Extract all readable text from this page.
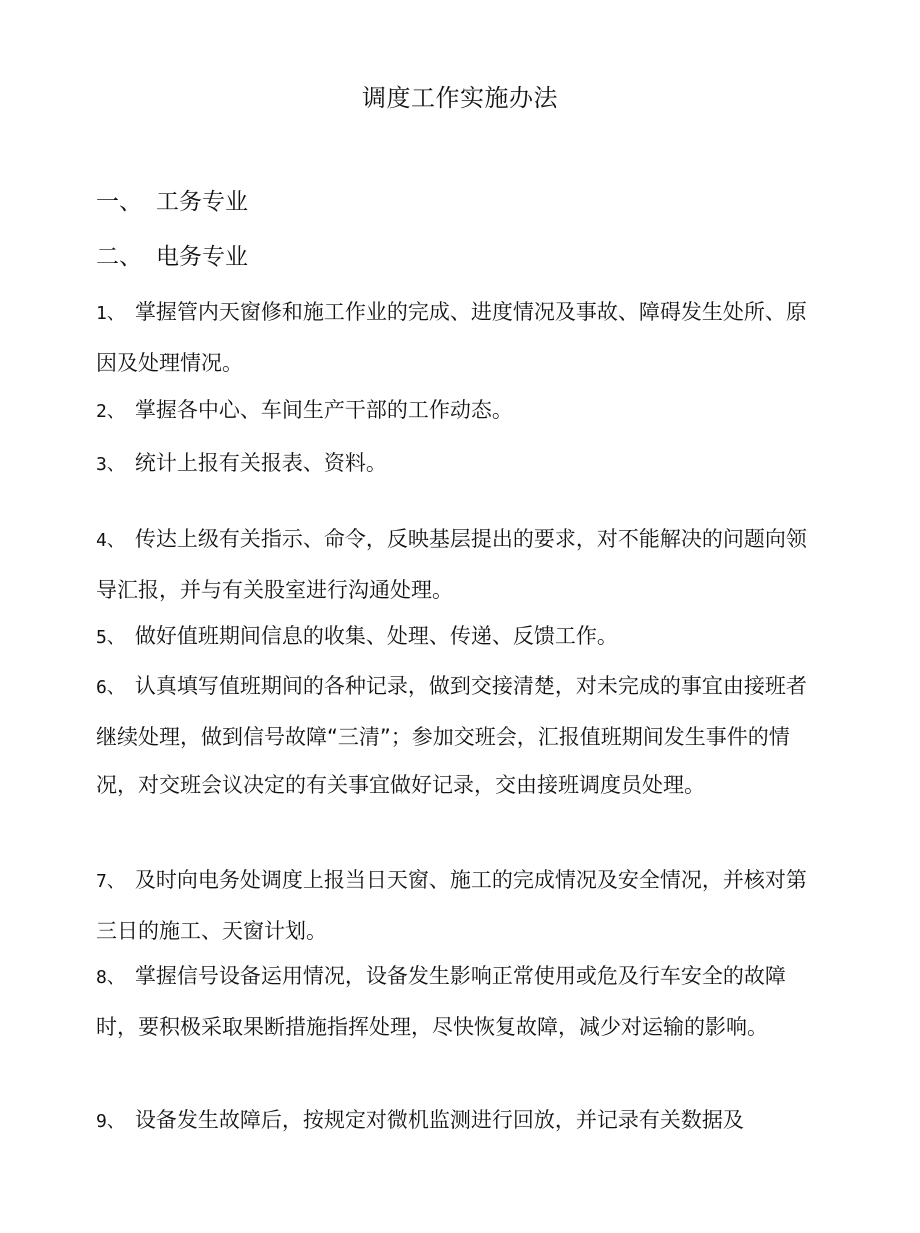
调度工作实施办法
一、 工务专业
二、 电务专业
1、 掌握管内天窗修和施工作业的完成、进度情况及事故、障碍发生处所、原因及处理情况。
2、 掌握各中心、车间生产干部的工作动态。
3、 统计上报有关报表、资料。
4、 传达上级有关指示、命令，反映基层提出的要求，对不能解决的问题向领导汇报，并与有关股室进行沟通处理。
5、 做好值班期间信息的收集、处理、传递、反馈工作。
6、 认真填写值班期间的各种记录，做到交接清楚，对未完成的事宜由接班者继续处理，做到信号故障“三清”；参加交班会，汇报值班期间发生事件的情况，对交班会议决定的有关事宜做好记录，交由接班调度员处理。
7、 及时向电务处调度上报当日天窗、施工的完成情况及安全情况，并核对第三日的施工、天窗计划。
8、 掌握信号设备运用情况，设备发生影响正常使用或危及行车安全的故障时，要积极采取果断措施指挥处理，尽快恢复故障，减少对运输的影响。
9、 设备发生故障后，按规定对微机监测进行回放，并记录有关数据及
